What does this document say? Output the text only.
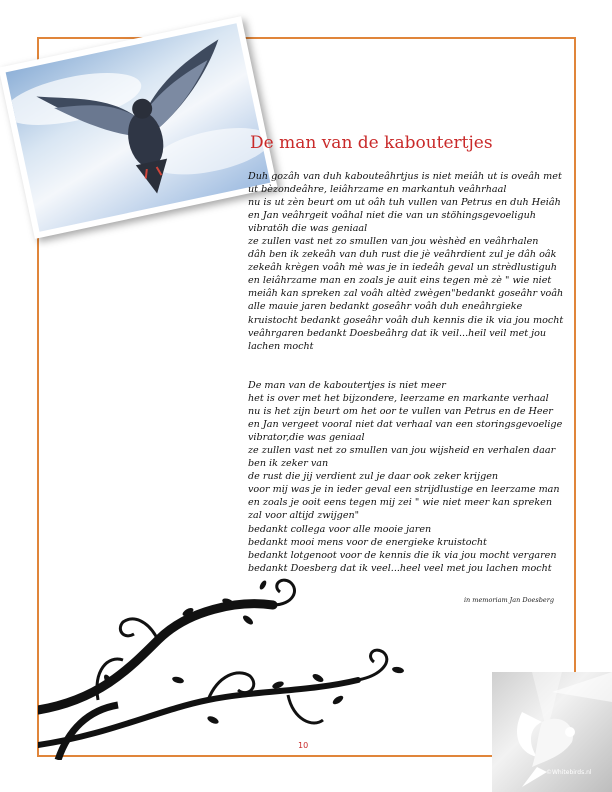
De man van de kaboutertjes
Duh gozâh van duh kabouteâhrtjus is niet meiâh ut is oveâh met
ut bèzondeâhre, leiâhrzame en markantuh veâhrhaal
nu is ut zèn beurt om ut oâh tuh vullen van Petrus en duh Heiâh
en Jan veâhrgeit voâhal niet die van un stöhingsgevoeliguh
vibratöh die was geniaal
ze zullen vast net zo smullen van jou wèshèd en veâhrhalen
dâh ben ik zekeâh van duh rust die jè veâhrdient zul je dâh oâk
zekeâh krègen voâh mè was je in iedeâh geval un strèdlustiguh
en leiâhrzame man en zoals je auit eins tegen mè zè " wie niet
meiâh kan spreken zal voâh altèd zwègen"bedankt goseâhr voâh
alle mauie jaren bedankt goseâhr voâh duh eneâhrgieke
kruistocht bedankt goseâhr voâh duh kennis die ik via jou mocht
veâhrgaren bedankt Doesbeâhrg dat ik veil...heil veil met jou
lachen mocht
De man van de kaboutertjes is niet meer
het is over met het bijzondere, leerzame en markante verhaal
nu is het zijn beurt om het oor te vullen van Petrus en de Heer
en Jan vergeet vooral niet dat verhaal van een storingsgevoelige
vibrator,die was geniaal
ze zullen vast net zo smullen van jou wijsheid en verhalen daar
ben ik zeker van
de rust die jij verdient zul je daar ook zeker krijgen
voor mij was je in ieder geval een strijdlustige en leerzame man
en zoals je ooit eens tegen mij zei " wie niet meer kan spreken
zal voor altijd zwijgen"
bedankt collega voor alle mooie jaren
bedankt mooi mens voor de energieke kruistocht
bedankt lotgenoot voor de kennis die ik via jou mocht vergaren
bedankt Doesberg dat ik veel...heel veel met jou lachen mocht
in memoriam Jan Doesberg
10
©Whitebirds.nl
